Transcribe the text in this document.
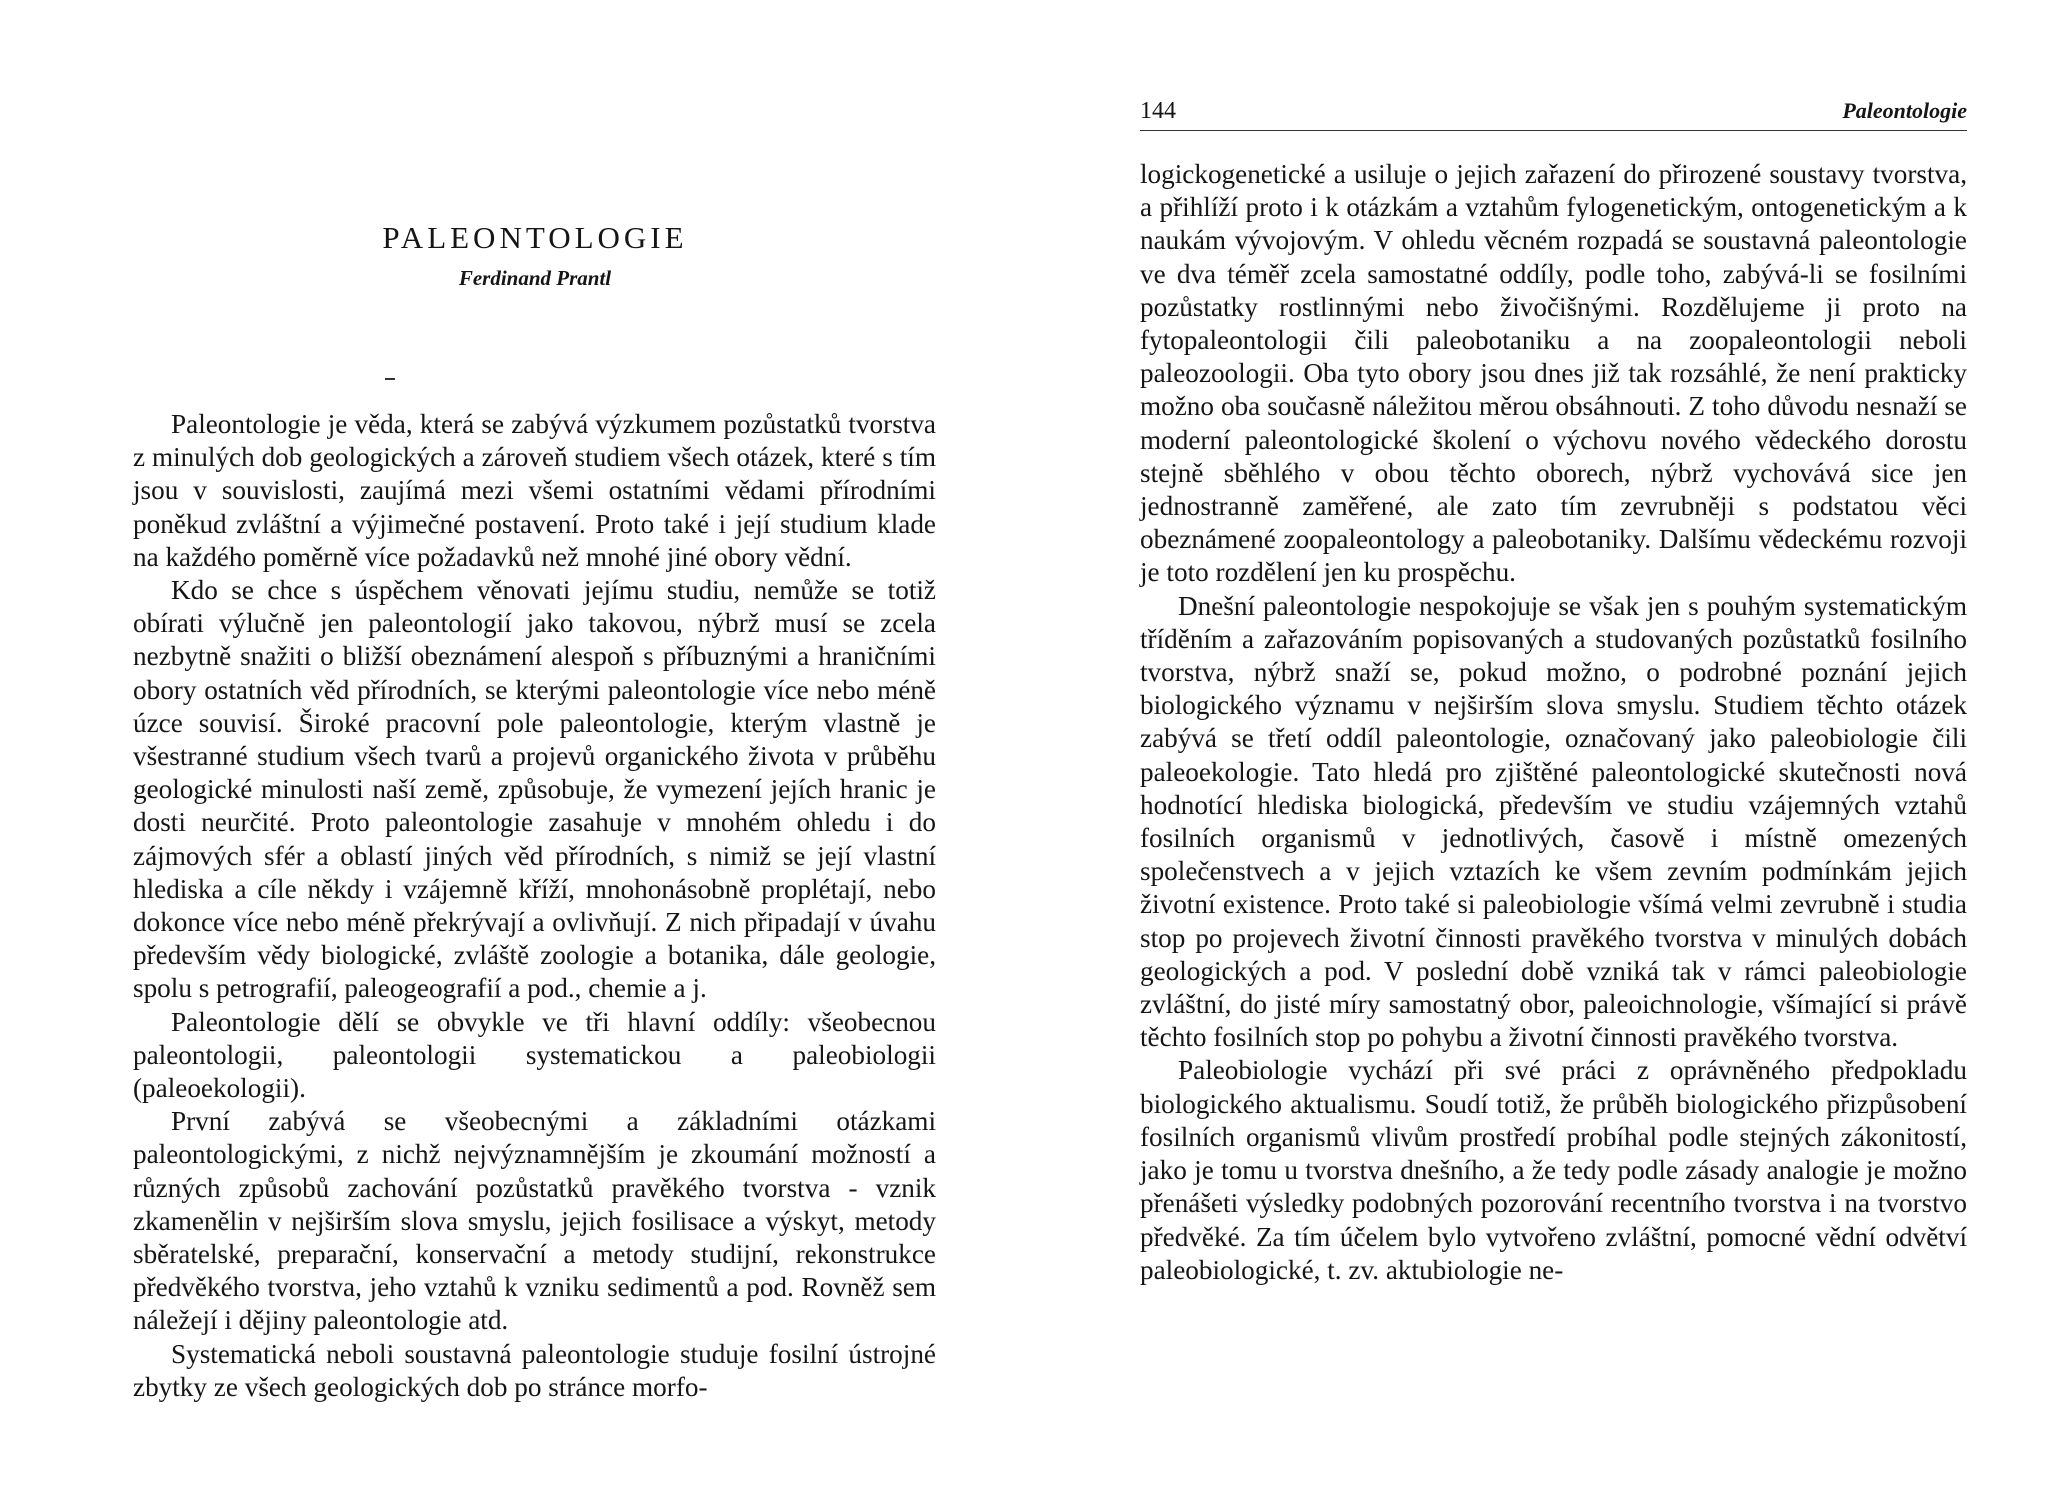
PALEONTOLOGIE
Ferdinand Prantl

Paleontologie je věda, která se zabývá výzkumem pozůstatků tvorstva z minulých dob geologických a zároveň studiem všech otázek, které s tím jsou v souvislosti, zaujímá mezi všemi ostatními vědami přírodními poněkud zvláštní a výjimečné postavení. Proto také i její studium klade na každého poměrně více požadavků než mnohé jiné obory vědní.

Kdo se chce s úspěchem věnovati jejímu studiu, nemůže se totiž obírati výlučně jen paleontologií jako takovou, nýbrž musí se zcela nezbytně snažiti o bližší obeznámení alespoň s příbuznými a hraničními obory ostatních věd přírodních, se kterými paleontologie více nebo méně úzce souvisí. Široké pracovní pole paleontologie, kterým vlastně je všestranné studium všech tvarů a projevů organického života v průběhu geologické minulosti naší země, způsobuje, že vymezení jejích hranic je dosti neurčité. Proto paleontologie zasahuje v mnohém ohledu i do zájmových sfér a oblastí jiných věd přírodních, s nimiž se její vlastní hlediska a cíle někdy i vzájemně kříží, mnohonásobně proplétají, nebo dokonce více nebo méně překrývají a ovlivňují. Z nich připadají v úvahu především vědy biologické, zvláště zoologie a botanika, dále geologie, spolu s petrografií, paleogeografií a pod., chemie a j.

Paleontologie dělí se obvykle ve tři hlavní oddíly: všeobecnou paleontologii, paleontologii systematickou a paleobiologii (paleoekologii).

První zabývá se všeobecnými a základními otázkami paleontologickými, z nichž nejvýznamnějším je zkoumání možností a různých způsobů zachování pozůstatků pravěkého tvorstva - vznik zkamenělin v nejširším slova smyslu, jejich fosilisace a výskyt, metody sběratelské, preparační, konservační a metody studijní, rekonstrukce předvěkého tvorstva, jeho vztahů k vzniku sedimentů a pod. Rovněž sem náležejí i dějiny paleontologie atd.

Systematická neboli soustavná paleontologie studuje fosilní ústrojné zbytky ze všech geologických dob po stránce morfo-

144	Paleontologie

logickogenetické a usiluje o jejich zařazení do přirozené soustavy tvorstva, a přihlíží proto i k otázkám a vztahům fylogenetickým, ontogenetickým a k naukám vývojovým. V ohledu věcném rozpadá se soustavná paleontologie ve dva téměř zcela samostatné oddíly, podle toho, zabývá-li se fosilními pozůstatky rostlinnými nebo živočišnými. Rozdělujeme ji proto na fytopaleontologii čili paleobotaniku a na zoopaleontologii neboli paleozoologii. Oba tyto obory jsou dnes již tak rozsáhlé, že není prakticky možno oba současně náležitou měrou obsáhnouti. Z toho důvodu nesnaží se moderní paleontologické školení o výchovu nového vědeckého dorostu stejně sběhlého v obou těchto oborech, nýbrž vychovává sice jen jednostranně zaměřené, ale zato tím zevrubněji s podstatou věci obeznámené zoopaleontology a paleobotaniky. Dalšímu vědeckému rozvoji je toto rozdělení jen ku prospěchu.

Dnešní paleontologie nespokojuje se však jen s pouhým systematickým tříděním a zařazováním popisovaných a studovaných pozůstatků fosilního tvorstva, nýbrž snaží se, pokud možno, o podrobné poznání jejich biologického významu v nejširším slova smyslu. Studiem těchto otázek zabývá se třetí oddíl paleontologie, označovaný jako paleobiologie čili paleoekologie. Tato hledá pro zjištěné paleontologické skutečnosti nová hodnotící hlediska biologická, především ve studiu vzájemných vztahů fosilních organismů v jednotlivých, časově i místně omezených společenstvech a v jejich vztazích ke všem zevním podmínkám jejich životní existence. Proto také si paleobiologie všímá velmi zevrubně i studia stop po projevech životní činnosti pravěkého tvorstva v minulých dobách geologických a pod. V poslední době vzniká tak v rámci paleobiologie zvláštní, do jisté míry samostatný obor, paleoichnologie, všímající si právě těchto fosilních stop po pohybu a životní činnosti pravěkého tvorstva.

Paleobiologie vychází při své práci z oprávněného předpokladu biologického aktualismu. Soudí totiž, že průběh biologického přizpůsobení fosilních organismů vlivům prostředí probíhal podle stejných zákonitostí, jako je tomu u tvorstva dnešního, a že tedy podle zásady analogie je možno přenášeti výsledky podobných pozorování recentního tvorstva i na tvorstvo předvěké. Za tím účelem bylo vytvořeno zvláštní, pomocné vědní odvětví paleobiologické, t. zv. aktubiologie ne-
